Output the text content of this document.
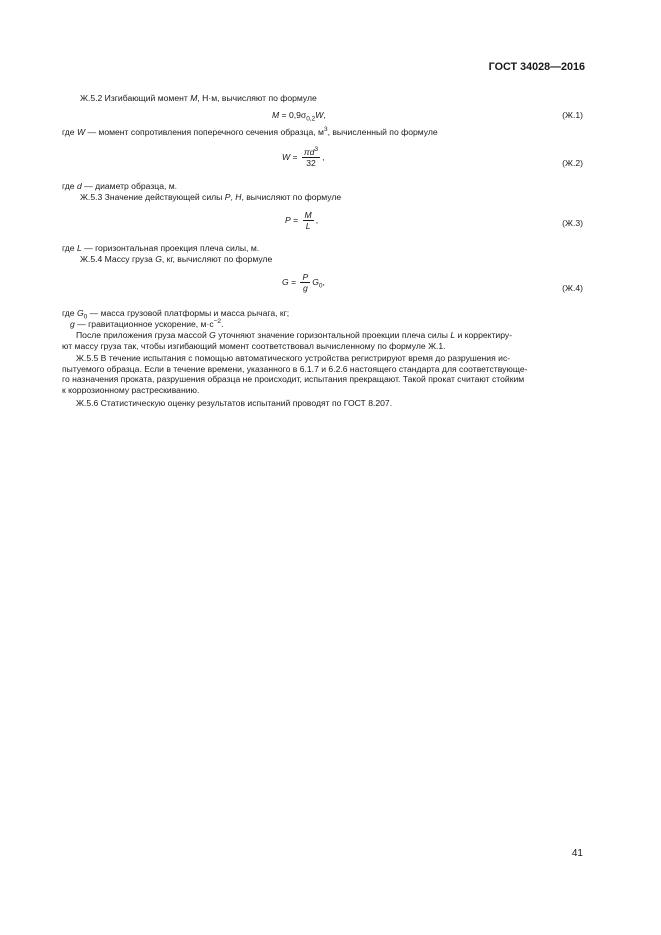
ГОСТ 34028—2016
Ж.5.2 Изгибающий момент M, Н·м, вычисляют по формуле
$M = 0,9\sigma_{0,2}W$,	(Ж.1)
где W — момент сопротивления поперечного сечения образца, $м^3$, вычисленный по формуле
$W = \frac{\pi d^3}{32}$ ,
(Ж.2)
где d — диаметр образца, м.
Ж.5.3 Значение действующей силы P, H, вычисляют по формуле
$P = \frac{M}{L}$ ,	(Ж.3)
где L — горизонтальная проекция плеча силы, м.
Ж.5.4 Массу груза G, кг, вычисляют по формуле
$G = \frac{P}{g} G_0$,
(Ж.4)
где $G_0$ — масса грузовой платформы и масса рычага, кг;
g — гравитационное ускорение, $м\cdot с^{-2}$.

После приложения груза массой G уточняют значение горизонтальной проекции плеча силы L и корректиру-

ют массу груза так, чтобы изгибающий момент соответствовал вычисленному по формуле Ж.1.

Ж.5.5 В течение испытания с помощью автоматического устройства регистрируют время до разрушения ис-

пытуемого образца. Если в течение времени, указанного в 6.1.7 и 6.2.6 настоящего стандарта для соответствующе-

го назначения проката, разрушения образца не происходит, испытания прекращают. Такой прокат считают стойким

к коррозионному растрескиванию.

Ж.5.6 Статистическую оценку результатов испытаний проводят по ГОСТ 8.207.

41
